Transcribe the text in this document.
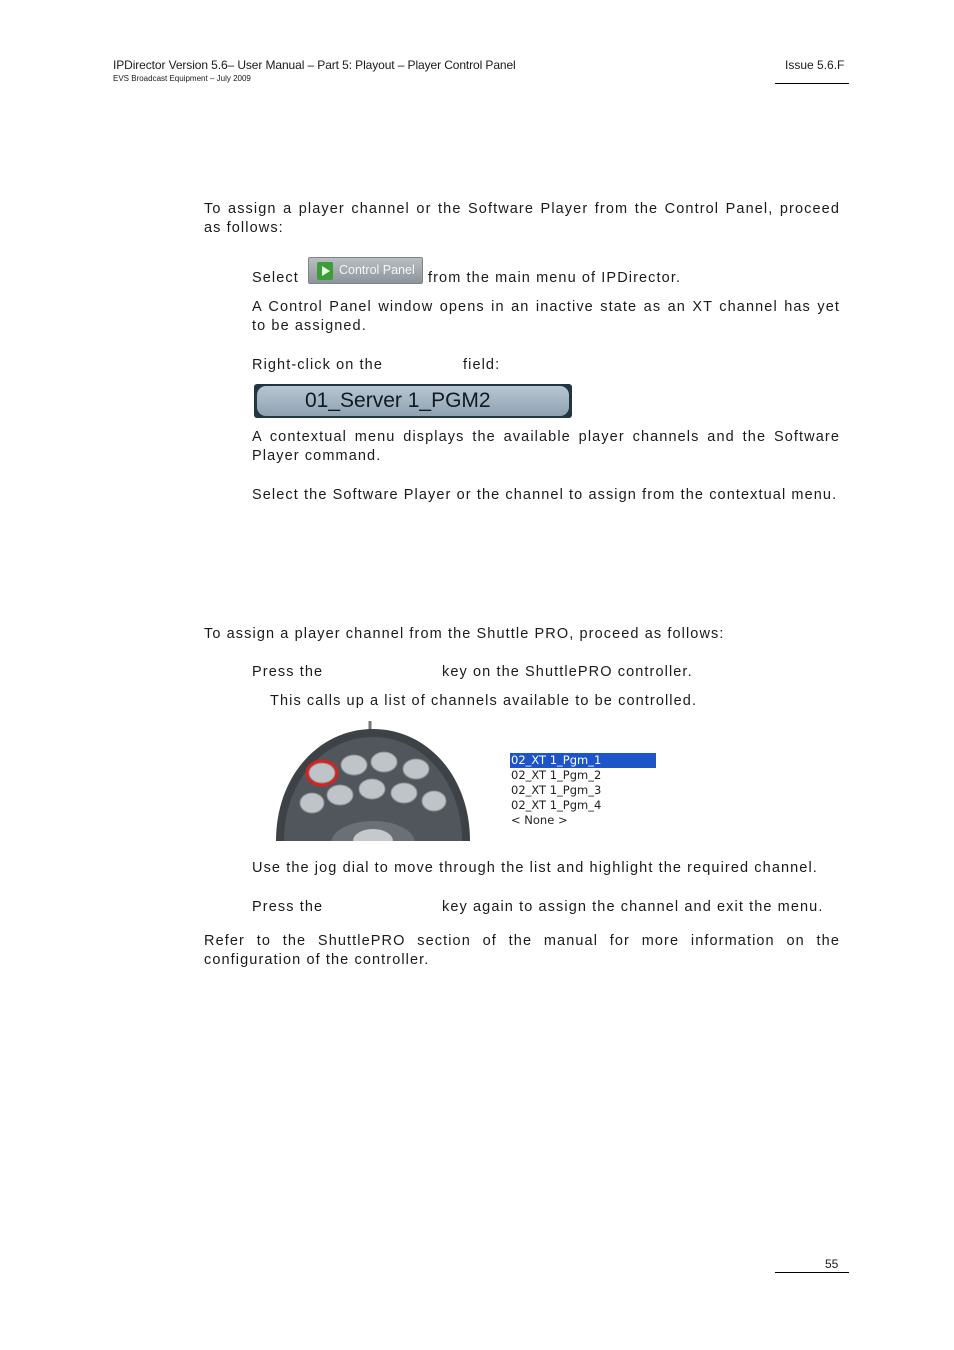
IPDirector Version 5.6– User Manual – Part 5: Playout – Player Control Panel
EVS Broadcast Equipment – July 2009
Issue 5.6.F
To assign a player channel or the Software Player from the Control Panel, proceed as follows:
Select	Control Panel from the main menu of IPDirector.
A Control Panel window opens in an inactive state as an XT channel has yet to be assigned.
Right-click on the	field:
01_Server 1_PGM2
A contextual menu displays the available player channels and the Software Player command.
Select the Software Player or the channel to assign from the contextual menu.
To assign a player channel from the Shuttle PRO, proceed as follows:
Press the	key on the ShuttlePRO controller.
This calls up a list of channels available to be controlled.
02_XT 1_Pgm_1
02_XT 1_Pgm_2
02_XT 1_Pgm_3
02_XT 1_Pgm_4
< None >
Use the jog dial to move through the list and highlight the required channel.
Press the	key again to assign the channel and exit the menu.
Refer to the ShuttlePRO section of the manual for more information on the configuration of the controller.
55
